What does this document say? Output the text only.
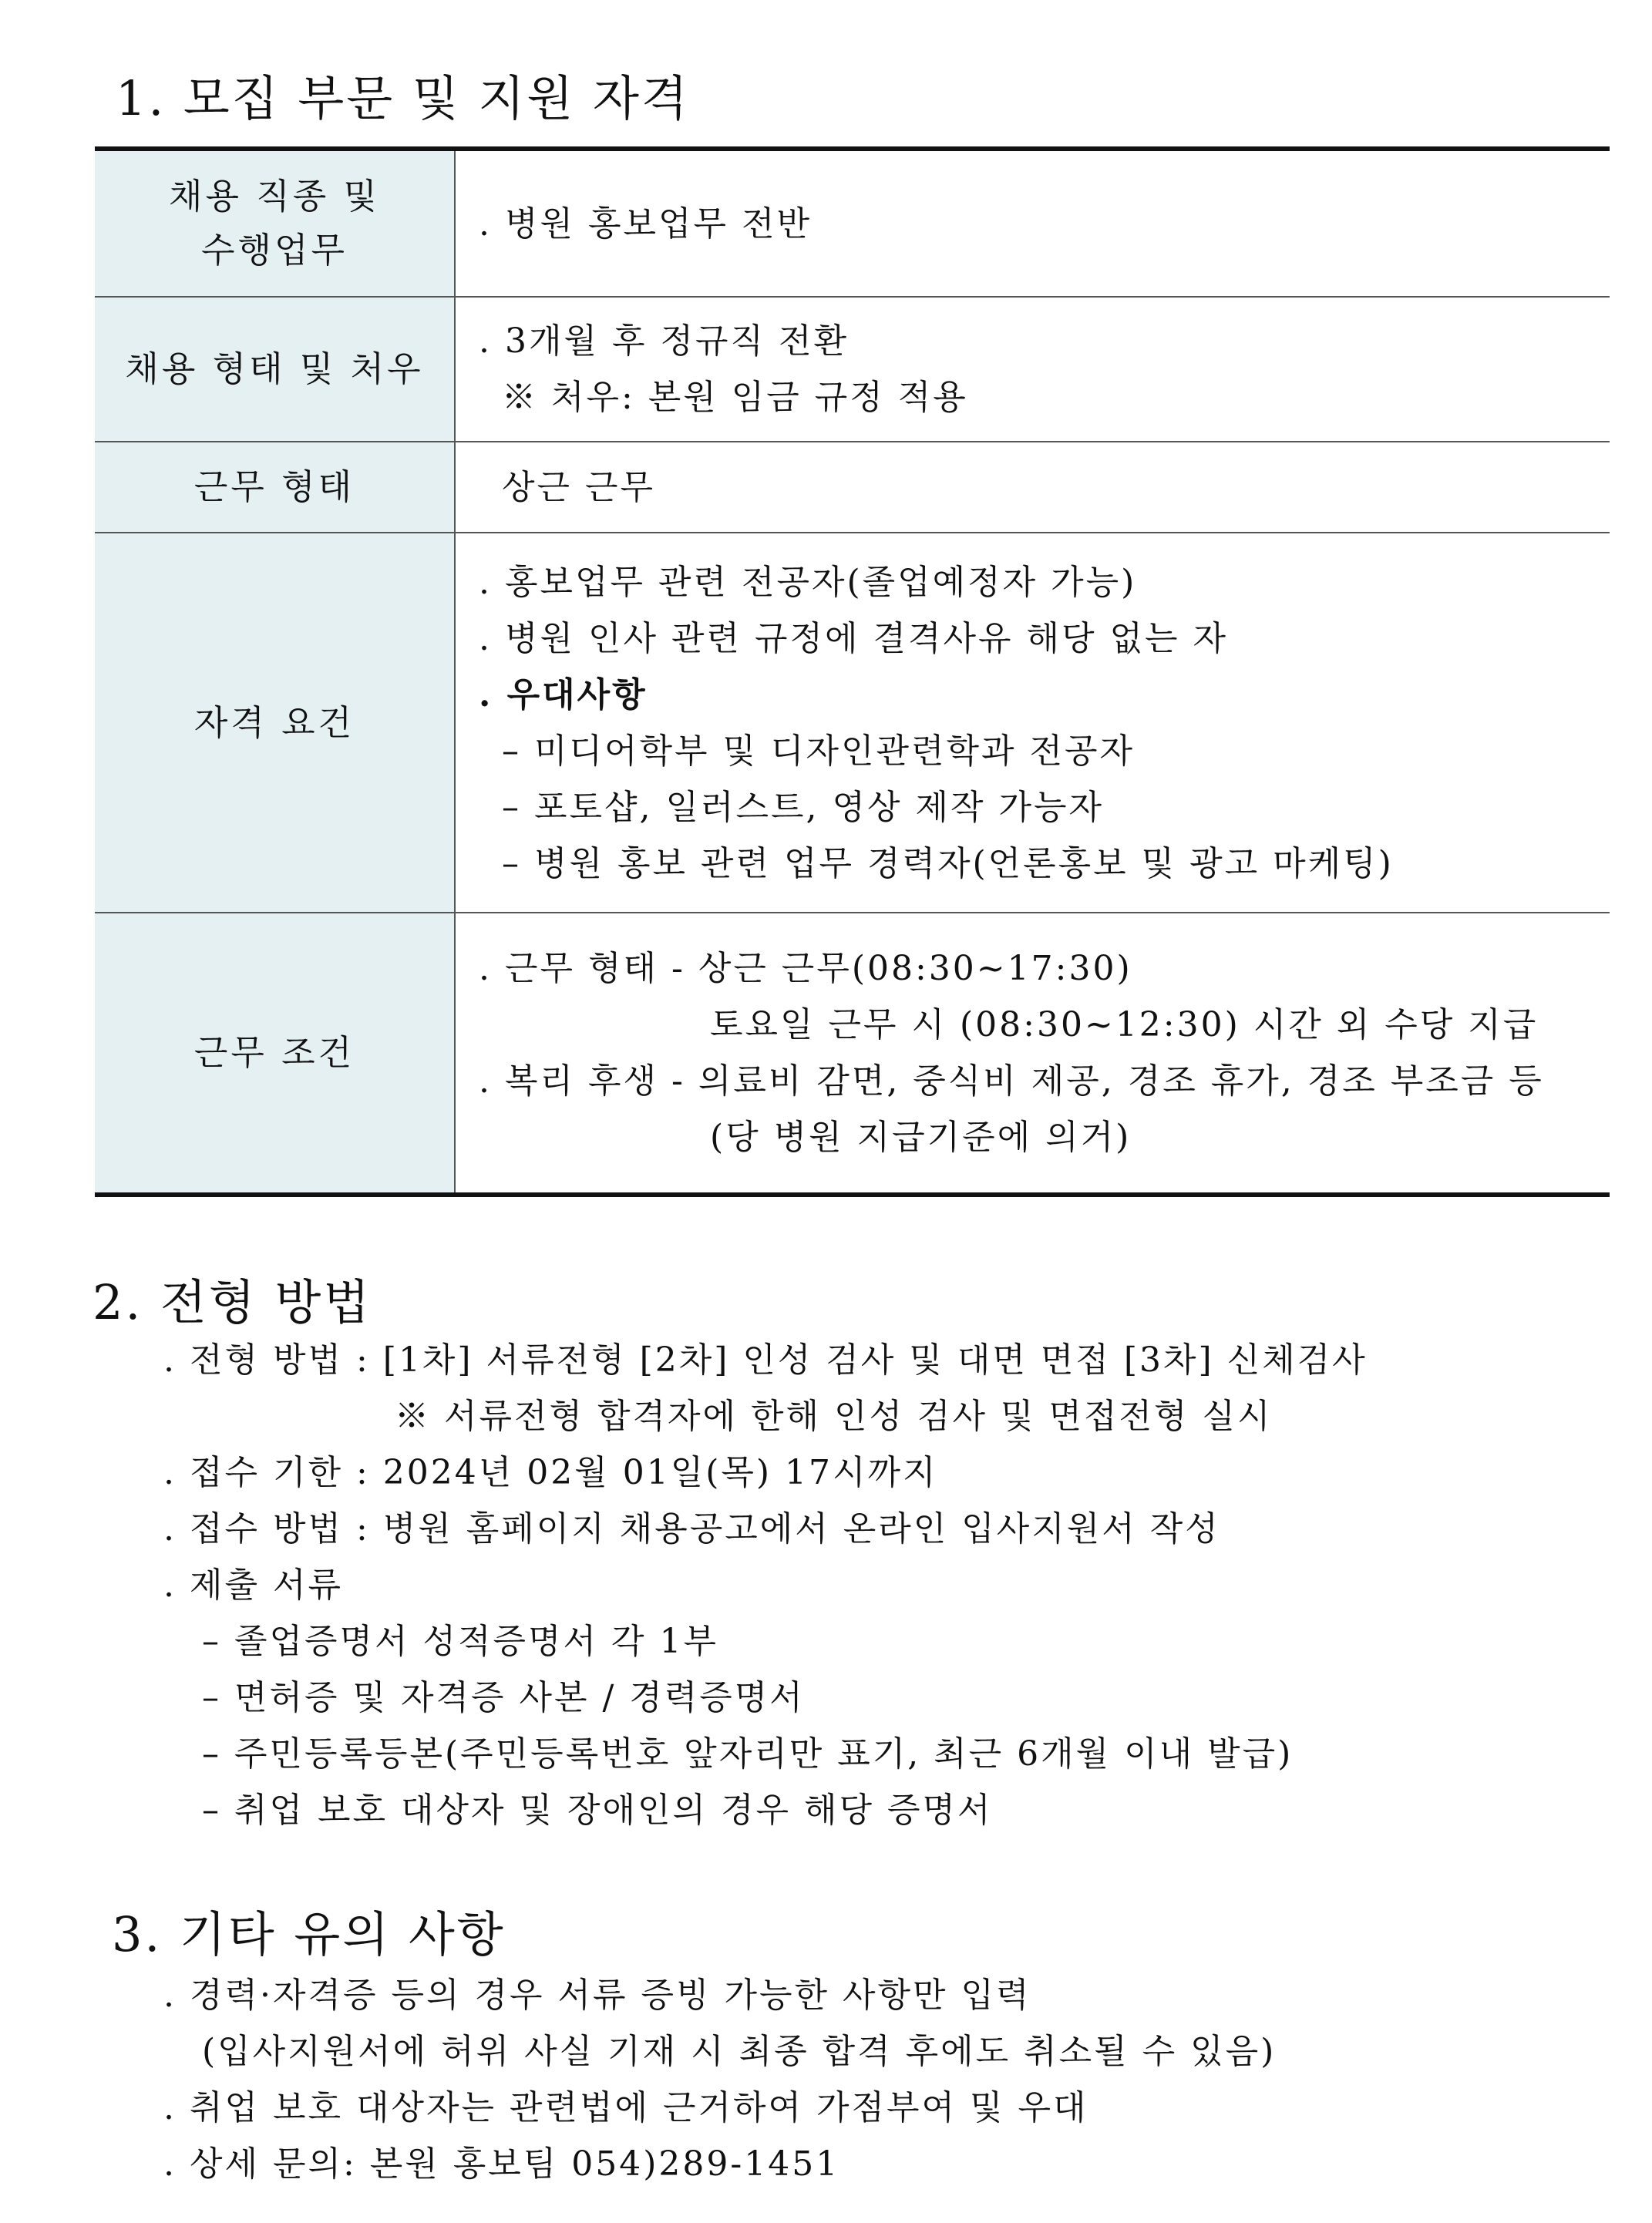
1. 모집 부문 및 지원 자격
채용 직종 및
수행업무
. 병원 홍보업무 전반
채용 형태 및 처우
. 3개월 후 정규직 전환
※ 처우: 본원 임금 규정 적용
근무 형태	상근 근무
자격 요건
. 홍보업무 관련 전공자(졸업예정자 가능)
. 병원 인사 관련 규정에 결격사유 해당 없는 자
. 우대사항
– 미디어학부 및 디자인관련학과 전공자
– 포토샵, 일러스트, 영상 제작 가능자
– 병원 홍보 관련 업무 경력자(언론홍보 및 광고 마케팅)
근무 조건
. 근무 형태 - 상근 근무(08:30~17:30)
토요일 근무 시 (08:30~12:30) 시간 외 수당 지급
. 복리 후생 - 의료비 감면, 중식비 제공, 경조 휴가, 경조 부조금 등
(당 병원 지급기준에 의거)
2. 전형 방법
. 전형 방법 : [1차] 서류전형 [2차] 인성 검사 및 대면 면접 [3차] 신체검사
※ 서류전형 합격자에 한해 인성 검사 및 면접전형 실시
. 접수 기한 : 2024년 02월 01일(목) 17시까지
. 접수 방법 : 병원 홈페이지 채용공고에서 온라인 입사지원서 작성
. 제출 서류
– 졸업증명서 성적증명서 각 1부
– 면허증 및 자격증 사본 / 경력증명서
– 주민등록등본(주민등록번호 앞자리만 표기, 최근 6개월 이내 발급)
– 취업 보호 대상자 및 장애인의 경우 해당 증명서
3. 기타 유의 사항
. 경력·자격증 등의 경우 서류 증빙 가능한 사항만 입력
(입사지원서에 허위 사실 기재 시 최종 합격 후에도 취소될 수 있음)
. 취업 보호 대상자는 관련법에 근거하여 가점부여 및 우대
. 상세 문의: 본원 홍보팀 054)289-1451
